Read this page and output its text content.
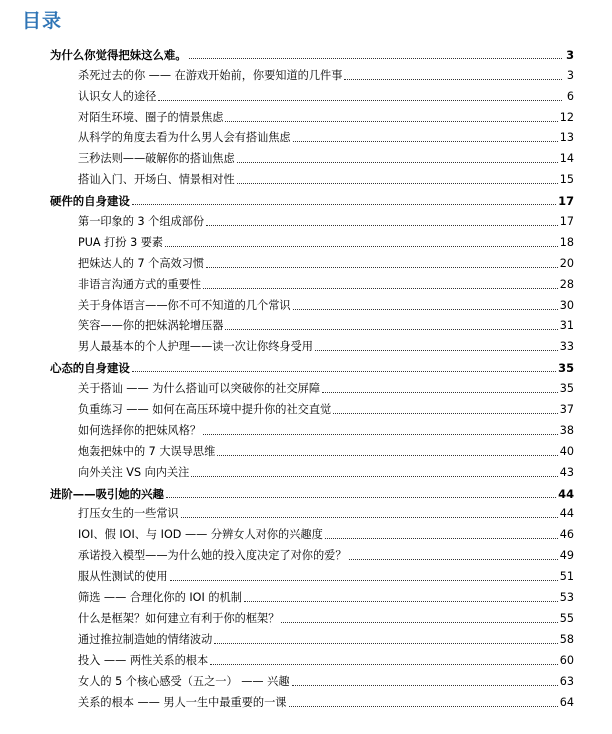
目录
为什么你觉得把妹这么难。	3
杀死过去的你 —— 在游戏开始前，你要知道的几件事	3
认识女人的途径	6
对陌生环境、圈子的情景焦虑	12
从科学的角度去看为什么男人会有搭讪焦虑	13
三秒法则——破解你的搭讪焦虑	14
搭讪入门、开场白、情景相对性	15
硬件的自身建设	17
第一印象的 3 个组成部份	17
PUA 打扮 3 要素	18
把妹达人的 7 个高效习惯	20
非语言沟通方式的重要性	28
关于身体语言——你不可不知道的几个常识	30
笑容——你的把妹涡轮增压器	31
男人最基本的个人护理——读一次让你终身受用	33
心态的自身建设	35
关于搭讪 —— 为什么搭讪可以突破你的社交屏障	35
负重练习 —— 如何在高压环境中提升你的社交直觉	37
如何选择你的把妹风格？	38
炮轰把妹中的 7 大误导思维	40
向外关注 VS 向内关注	43
进阶——吸引她的兴趣	44
打压女生的一些常识	44
IOI、假 IOI、与 IOD —— 分辨女人对你的兴趣度	46
承诺投入模型——为什么她的投入度决定了对你的爱？	49
服从性测试的使用	51
筛选 —— 合理化你的 IOI 的机制	53
什么是框架？如何建立有利于你的框架？	55
通过推拉制造她的情绪波动	58
投入 —— 两性关系的根本	60
女人的 5 个核心感受（五之一） —— 兴趣	63
关系的根本 —— 男人一生中最重要的一课	64
